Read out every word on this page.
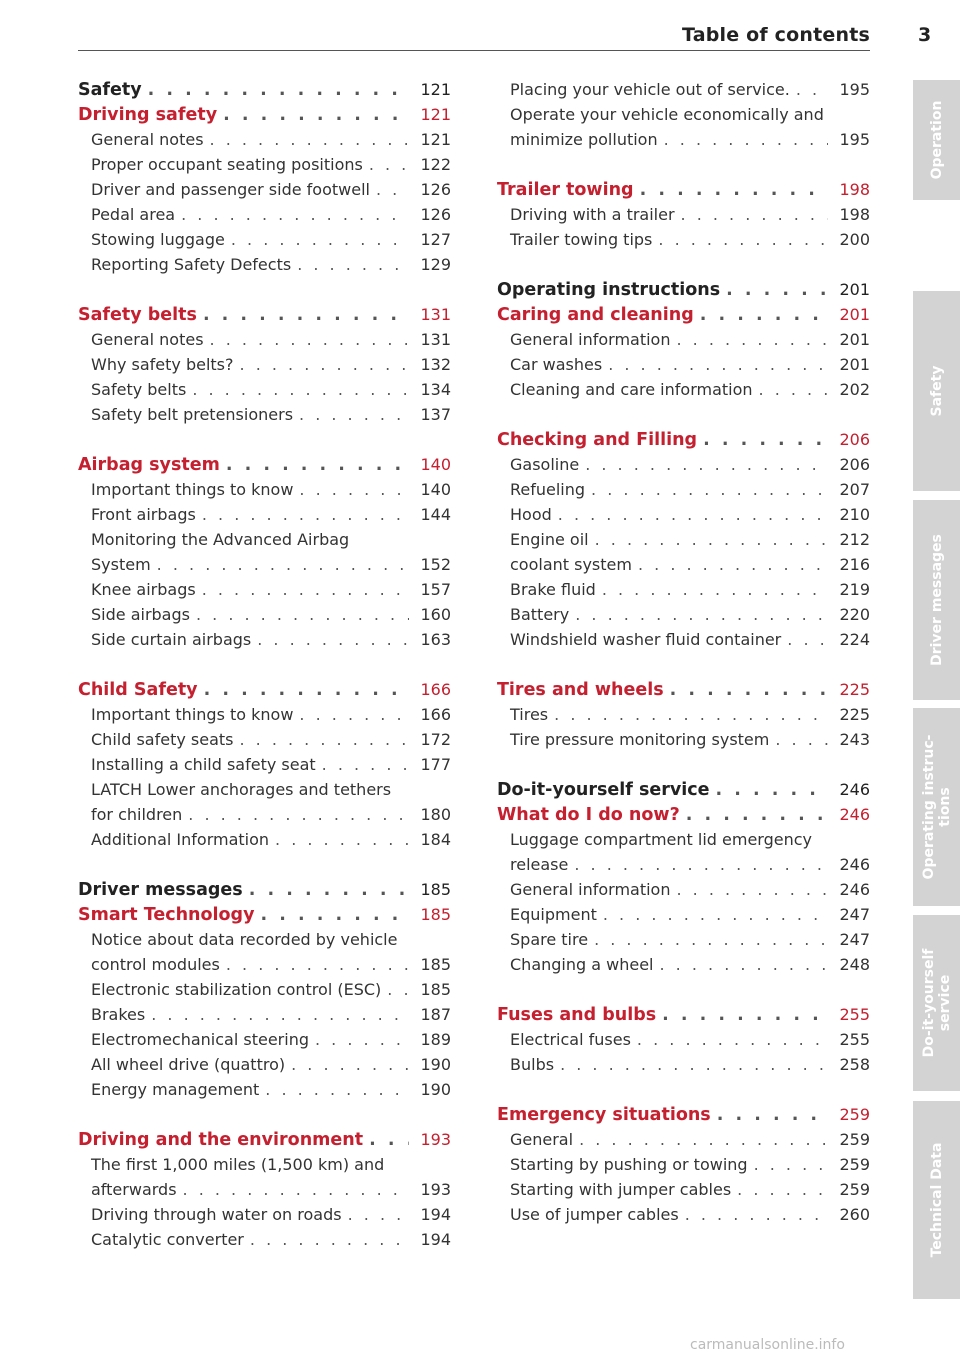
Table of contents	3
Safety . . .	121
Driving safety . . .	121
General notes . . .	121
Proper occupant seating positions . . .	122
Driver and passenger side footwell . . .	126
Pedal area . . .	126
Stowing luggage . . .	127
Reporting Safety Defects . . .	129
Safety belts . . .	131
General notes . . .	131
Why safety belts? . . .	132
Safety belts . . .	134
Safety belt pretensioners . . .	137
Airbag system . . .	140
Important things to know . . .	140
Front airbags . . .	144
Monitoring the Advanced Airbag
System . . .	152
Knee airbags . . .	157
Side airbags . . .	160
Side curtain airbags . . .	163
Child Safety . . .	166
Important things to know . . .	166
Child safety seats . . .	172
Installing a child safety seat . . .	177
LATCH Lower anchorages and tethers
for children . . .	180
Additional Information . . .	184
Driver messages . . .	185
Smart Technology . . .	185
Notice about data recorded by vehicle
control modules . . .	185
Electronic stabilization control (ESC) . . .	185
Brakes . . .	187
Electromechanical steering . . .	189
All wheel drive (quattro) . . .	190
Energy management . . .	190
Driving and the environment . . .	193
The first 1,000 miles (1,500 km) and
afterwards . . .	193
Driving through water on roads . . .	194
Catalytic converter . . .	194
Placing your vehicle out of service. . . .	195
Operate your vehicle economically and
minimize pollution . . .	195
Trailer towing . . .	198
Driving with a trailer . . .	198
Trailer towing tips . . .	200
Operating instructions . . .	201
Caring and cleaning . . .	201
General information . . .	201
Car washes . . .	201
Cleaning and care information . . .	202
Checking and Filling . . .	206
Gasoline . . .	206
Refueling . . .	207
Hood . . .	210
Engine oil . . .	212
coolant system . . .	216
Brake fluid . . .	219
Battery . . .	220
Windshield washer fluid container . . .	224
Tires and wheels . . .	225
Tires . . .	225
Tire pressure monitoring system . . .	243
Do-it-yourself service . . .	246
What do I do now? . . .	246
Luggage compartment lid emergency
release . . .	246
General information . . .	246
Equipment . . .	247
Spare tire . . .	247
Changing a wheel . . .	248
Fuses and bulbs . . .	255
Electrical fuses . . .	255
Bulbs . . .	258
Emergency situations . . .	259
General . . .	259
Starting by pushing or towing . . .	259
Starting with jumper cables . . .	259
Use of jumper cables . . .	260
Operation
Safety
Driver messages
Operating instruc-
tions
Do-it-yourself
service
Technical Data
carmanualsonline.info
